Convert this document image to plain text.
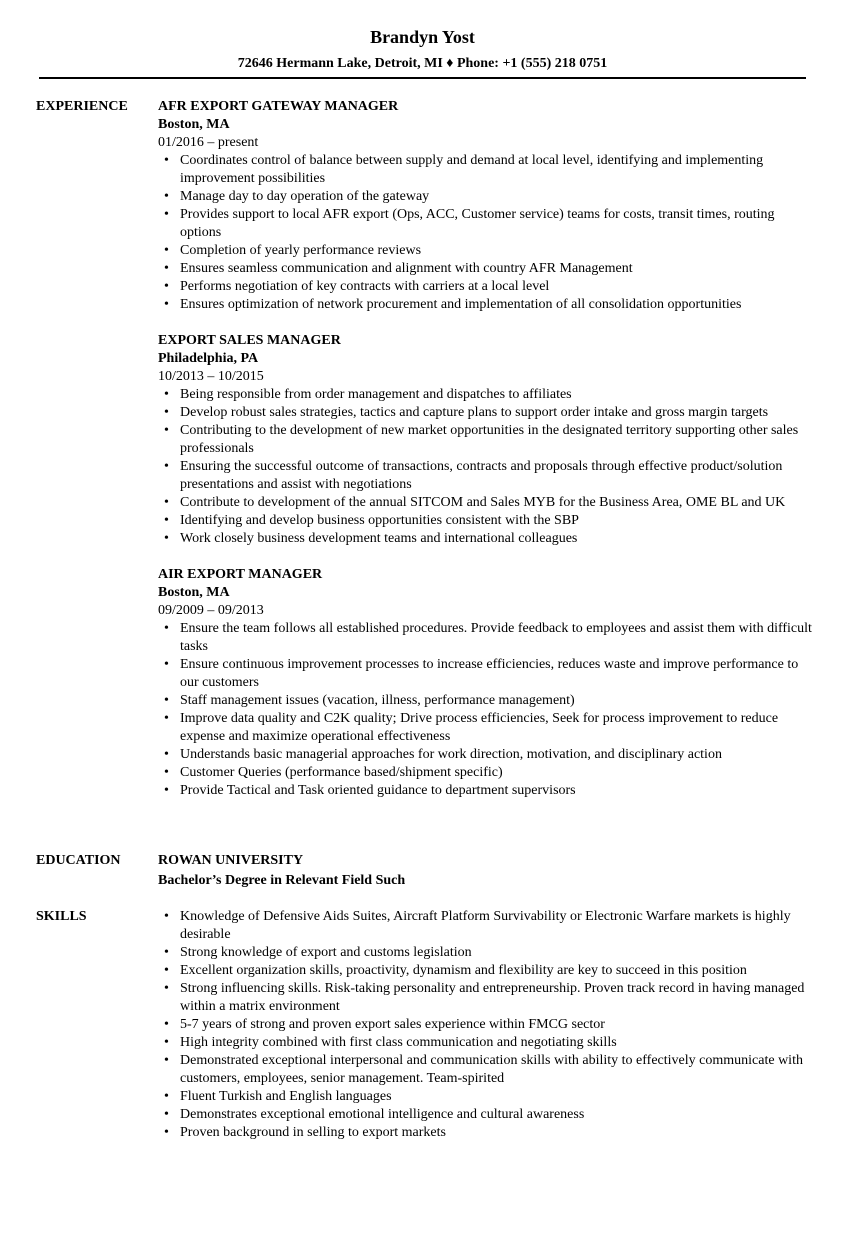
Brandyn Yost
72646 Hermann Lake, Detroit, MI ♦ Phone: +1 (555) 218 0751
EXPERIENCE AFR EXPORT GATEWAY MANAGER
Boston, MA
01/2016 – present
• Coordinates control of balance between supply and demand at local level, identifying and implementing improvement possibilities
• Manage day to day operation of the gateway
• Provides support to local AFR export (Ops, ACC, Customer service) teams for costs, transit times, routing options
• Completion of yearly performance reviews
• Ensures seamless communication and alignment with country AFR Management
• Performs negotiation of key contracts with carriers at a local level
• Ensures optimization of network procurement and implementation of all consolidation opportunities
EXPORT SALES MANAGER
Philadelphia, PA
10/2013 – 10/2015
• Being responsible from order management and dispatches to affiliates
• Develop robust sales strategies, tactics and capture plans to support order intake and gross margin targets
• Contributing to the development of new market opportunities in the designated territory supporting other sales professionals
• Ensuring the successful outcome of transactions, contracts and proposals through effective product/solution presentations and assist with negotiations
• Contribute to development of the annual SITCOM and Sales MYB for the Business Area, OME BL and UK
• Identifying and develop business opportunities consistent with the SBP
• Work closely business development teams and international colleagues
AIR EXPORT MANAGER
Boston, MA
09/2009 – 09/2013
• Ensure the team follows all established procedures. Provide feedback to employees and assist them with difficult tasks
• Ensure continuous improvement processes to increase efficiencies, reduces waste and improve performance to our customers
• Staff management issues (vacation, illness, performance management)
• Improve data quality and C2K quality; Drive process efficiencies, Seek for process improvement to reduce expense and maximize operational effectiveness
• Understands basic managerial approaches for work direction, motivation, and disciplinary action
• Customer Queries (performance based/shipment specific)
• Provide Tactical and Task oriented guidance to department supervisors
EDUCATION	ROWAN UNIVERSITY
Bachelor’s Degree in Relevant Field Such
SKILLS	• Knowledge of Defensive Aids Suites, Aircraft Platform Survivability or Electronic Warfare markets is highly desirable
• Strong knowledge of export and customs legislation
• Excellent organization skills, proactivity, dynamism and flexibility are key to succeed in this position
• Strong influencing skills. Risk-taking personality and entrepreneurship. Proven track record in having managed within a matrix environment
• 5-7 years of strong and proven export sales experience within FMCG sector
• High integrity combined with first class communication and negotiating skills
• Demonstrated exceptional interpersonal and communication skills with ability to effectively communicate with customers, employees, senior management. Team-spirited
• Fluent Turkish and English languages
• Demonstrates exceptional emotional intelligence and cultural awareness
• Proven background in selling to export markets
